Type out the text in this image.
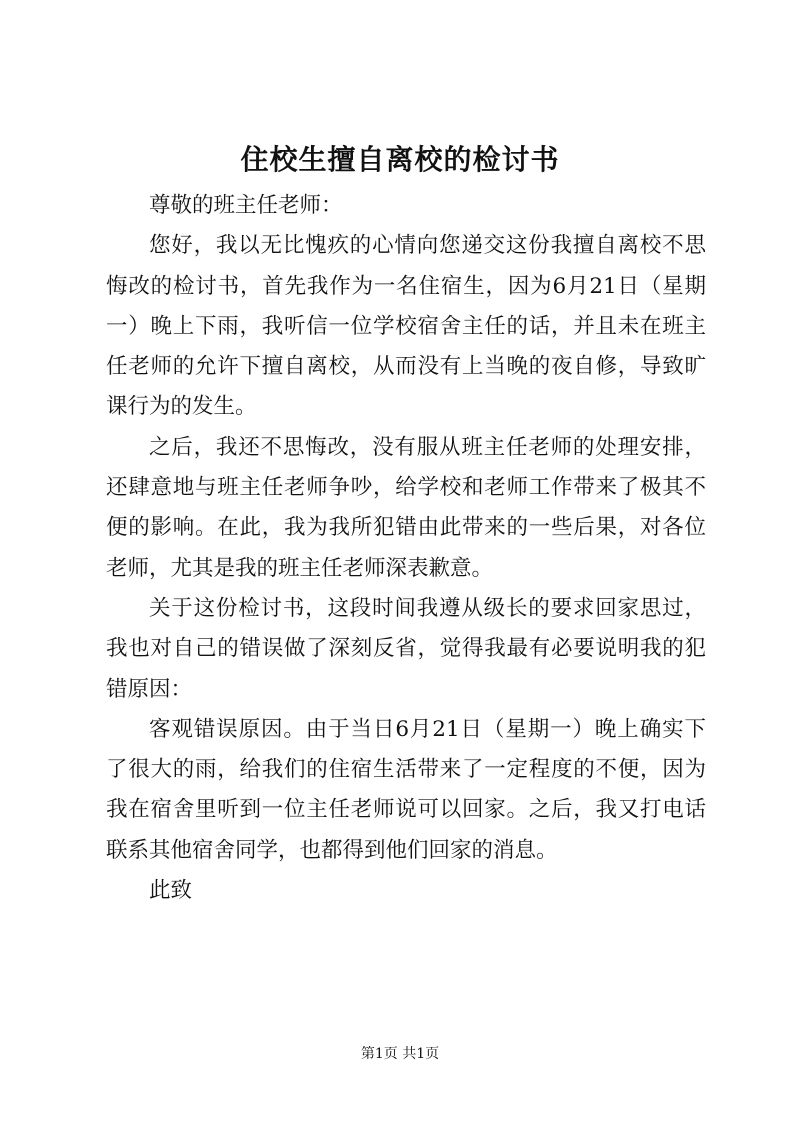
住校生擅自离校的检讨书

尊敬的班主任老师：

您好，我以无比愧疚的心情向您递交这份我擅自离校不思悔改的检讨书，首先我作为一名住宿生，因为6月21日（星期一）晚上下雨，我听信一位学校宿舍主任的话，并且未在班主任老师的允许下擅自离校，从而没有上当晚的夜自修，导致旷课行为的发生。

之后，我还不思悔改，没有服从班主任老师的处理安排，还肆意地与班主任老师争吵，给学校和老师工作带来了极其不便的影响。在此，我为我所犯错由此带来的一些后果，对各位老师，尤其是我的班主任老师深表歉意。

关于这份检讨书，这段时间我遵从级长的要求回家思过，我也对自己的错误做了深刻反省，觉得我最有必要说明我的犯错原因：

客观错误原因。由于当日6月21日（星期一）晚上确实下了很大的雨，给我们的住宿生活带来了一定程度的不便，因为我在宿舍里听到一位主任老师说可以回家。之后，我又打电话联系其他宿舍同学，也都得到他们回家的消息。

此致

第1页 共1页
